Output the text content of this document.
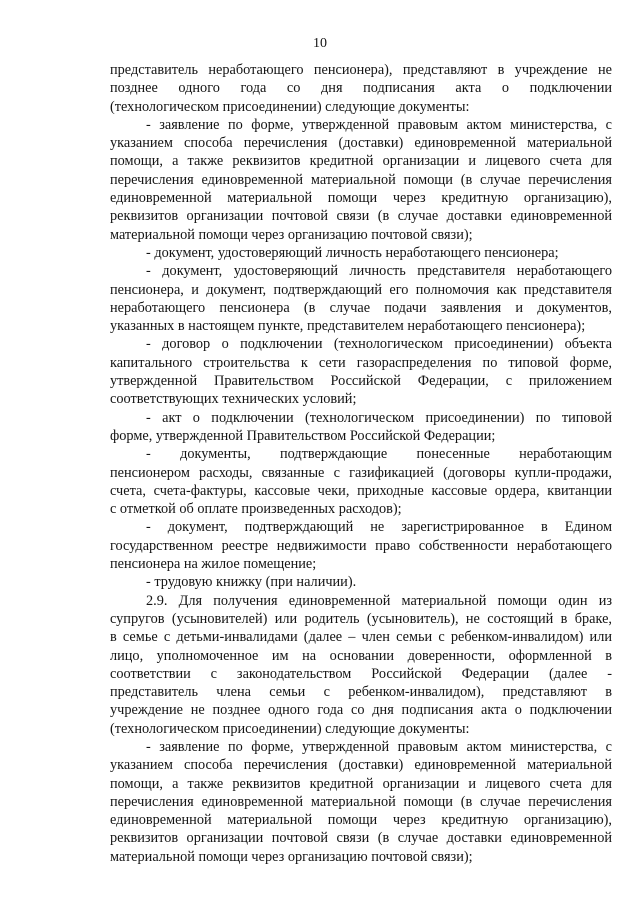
10
представитель неработающего пенсионера), представляют в учреждение не
позднее одного года со дня подписания акта о подключении
(технологическом присоединении) следующие документы:
- заявление по форме, утвержденной правовым актом министерства, с
указанием способа перечисления (доставки) единовременной материальной
помощи, а также реквизитов кредитной организации и лицевого счета для
перечисления единовременной материальной помощи (в случае перечисления
единовременной материальной помощи через кредитную организацию),
реквизитов организации почтовой связи (в случае доставки единовременной
материальной помощи через организацию почтовой связи);
- документ, удостоверяющий личность неработающего пенсионера;
- документ, удостоверяющий личность представителя неработающего
пенсионера, и документ, подтверждающий его полномочия как представителя
неработающего пенсионера (в случае подачи заявления и документов,
указанных в настоящем пункте, представителем неработающего пенсионера);
- договор о подключении (технологическом присоединении) объекта
капитального строительства к сети газораспределения по типовой форме,
утвержденной Правительством Российской Федерации, с приложением
соответствующих технических условий;
- акт о подключении (технологическом присоединении) по типовой
форме, утвержденной Правительством Российской Федерации;
- документы, подтверждающие понесенные неработающим
пенсионером расходы, связанные с газификацией (договоры купли-продажи,
счета, счета-фактуры, кассовые чеки, приходные кассовые ордера, квитанции
с отметкой об оплате произведенных расходов);
- документ, подтверждающий не зарегистрированное в Едином
государственном реестре недвижимости право собственности неработающего
пенсионера на жилое помещение;
- трудовую книжку (при наличии).
2.9. Для получения единовременной материальной помощи один из
супругов (усыновителей) или родитель (усыновитель), не состоящий в браке,
в семье с детьми-инвалидами (далее – член семьи с ребенком-инвалидом) или
лицо, уполномоченное им на основании доверенности, оформленной в
соответствии с законодательством Российской Федерации (далее -
представитель члена семьи с ребенком-инвалидом), представляют в
учреждение не позднее одного года со дня подписания акта о подключении
(технологическом присоединении) следующие документы:
- заявление по форме, утвержденной правовым актом министерства, с
указанием способа перечисления (доставки) единовременной материальной
помощи, а также реквизитов кредитной организации и лицевого счета для
перечисления единовременной материальной помощи (в случае перечисления
единовременной материальной помощи через кредитную организацию),
реквизитов организации почтовой связи (в случае доставки единовременной
материальной помощи через организацию почтовой связи);
